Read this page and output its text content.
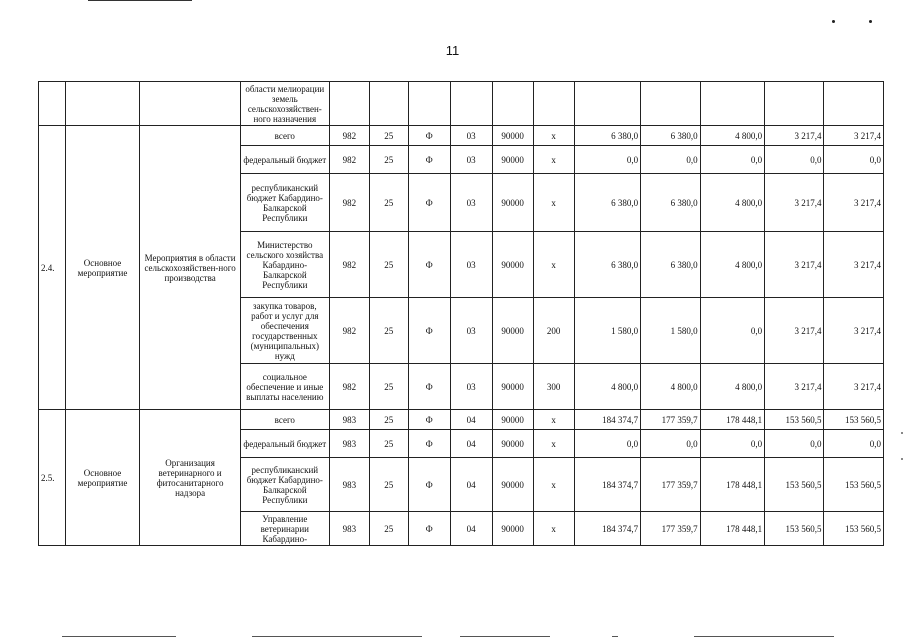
11
			области мелиорации земель сельскохозяйствен-ного назначения											
2.4.	Основное мероприятие	Мероприятия в области сельскохозяйствен-ного производства	всего	982	25	Ф	03	90000	х	6 380,0	6 380,0	4 800,0	3 217,4	3 217,4
			федеральный бюджет	982	25	Ф	03	90000	х	0,0	0,0	0,0	0,0	0,0
			республиканский бюджет Кабардино-Балкарской Республики	982	25	Ф	03	90000	х	6 380,0	6 380,0	4 800,0	3 217,4	3 217,4
			Министерство сельского хозяйства Кабардино-Балкарской Республики	982	25	Ф	03	90000	х	6 380,0	6 380,0	4 800,0	3 217,4	3 217,4
			закупка товаров, работ и услуг для обеспечения государственных (муниципальных) нужд	982	25	Ф	03	90000	200	1 580,0	1 580,0	0,0	3 217,4	3 217,4
			социальное обеспечение и иные выплаты населению	982	25	Ф	03	90000	300	4 800,0	4 800,0	4 800,0	3 217,4	3 217,4
2.5.	Основное мероприятие	Организация ветеринарного и фитосанитарного надзора	всего	983	25	Ф	04	90000	х	184 374,7	177 359,7	178 448,1	153 560,5	153 560,5
			федеральный бюджет	983	25	Ф	04	90000	х	0,0	0,0	0,0	0,0	0,0
			республиканский бюджет Кабардино-Балкарской Республики	983	25	Ф	04	90000	х	184 374,7	177 359,7	178 448,1	153 560,5	153 560,5
			Управление ветеринарии Кабардино-	983	25	Ф	04	90000	х	184 374,7	177 359,7	178 448,1	153 560,5	153 560,5
